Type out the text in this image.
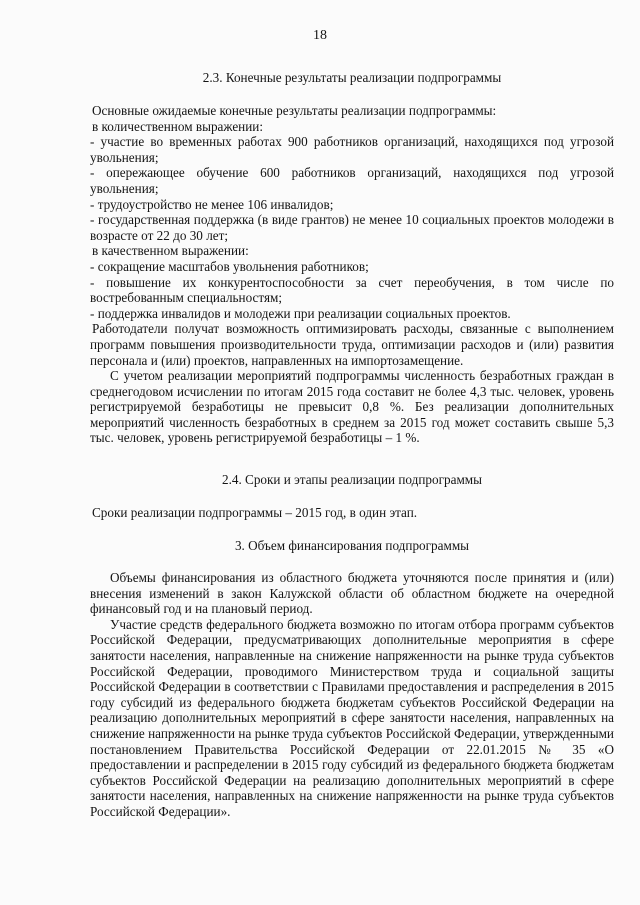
18
2.3. Конечные результаты реализации подпрограммы

Основные ожидаемые конечные результаты реализации подпрограммы:

в количественном выражении:

- участие во временных работах 900 работников организаций, находящихся под угрозой увольнения;

- опережающее обучение 600 работников организаций, находящихся под угрозой увольнения;

- трудоустройство не менее 106 инвалидов;

- государственная поддержка (в виде грантов) не менее 10 социальных проектов молодежи в возрасте от 22 до 30 лет;

в качественном выражении:

- сокращение масштабов увольнения работников;

- повышение их конкурентоспособности за счет переобучения, в том числе по востребованным специальностям;

- поддержка инвалидов и молодежи при реализации социальных проектов.

Работодатели получат возможность оптимизировать расходы, связанные с выполнением программ повышения производительности труда, оптимизации расходов и (или) развития персонала и (или) проектов, направленных на импортозамещение.

С учетом реализации мероприятий подпрограммы численность безработных граждан в среднегодовом исчислении по итогам 2015 года составит не более 4,3 тыс. человек, уровень регистрируемой безработицы не превысит 0,8 %. Без реализации дополнительных мероприятий численность безработных в среднем за 2015 год может составить свыше 5,3 тыс. человек, уровень регистрируемой безработицы – 1 %.

2.4. Сроки и этапы реализации подпрограммы

Сроки реализации подпрограммы – 2015 год, в один этап.

3. Объем финансирования подпрограммы

Объемы финансирования из областного бюджета уточняются после принятия и (или) внесения изменений в закон Калужской области об областном бюджете на очередной финансовый год и на плановый период.

Участие средств федерального бюджета возможно по итогам отбора программ субъектов Российской Федерации, предусматривающих дополнительные мероприятия в сфере занятости населения, направленные на снижение напряженности на рынке труда субъектов Российской Федерации, проводимого Министерством труда и социальной защиты Российской Федерации в соответствии с Правилами предоставления и распределения в 2015 году субсидий из федерального бюджета бюджетам субъектов Российской Федерации на реализацию дополнительных мероприятий в сфере занятости населения, направленных на снижение напряженности на рынке труда субъектов Российской Федерации, утвержденными постановлением Правительства Российской Федерации от 22.01.2015 № 35 «О предоставлении и распределении в 2015 году субсидий из федерального бюджета бюджетам субъектов Российской Федерации на реализацию дополнительных мероприятий в сфере занятости населения, направленных на снижение напряженности на рынке труда субъектов Российской Федерации».
